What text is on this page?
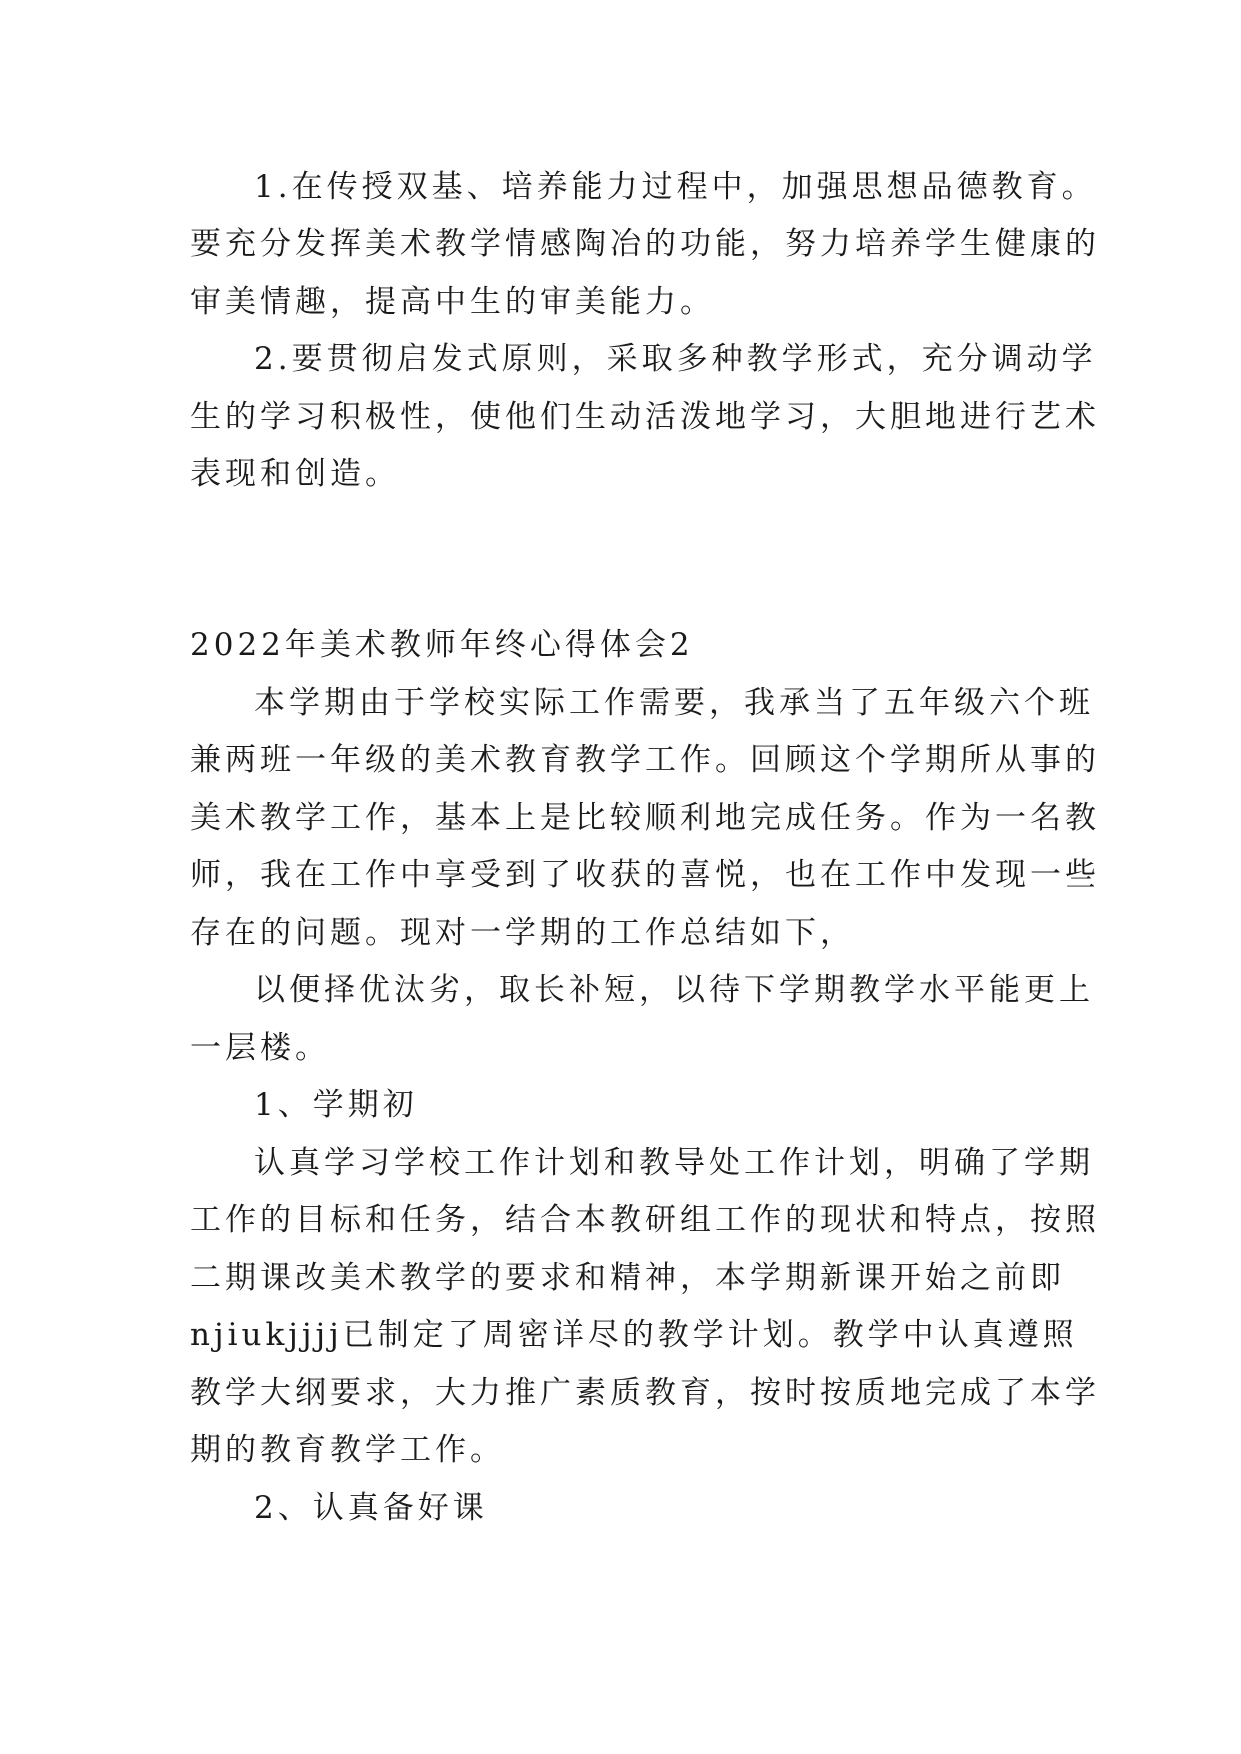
1.在传授双基、培养能力过程中，加强思想品德教育。
要充分发挥美术教学情感陶冶的功能，努力培养学生健康的
审美情趣，提高中生的审美能力。
2.要贯彻启发式原则，采取多种教学形式，充分调动学
生的学习积极性，使他们生动活泼地学习，大胆地进行艺术
表现和创造。
2022年美术教师年终心得体会2
本学期由于学校实际工作需要，我承当了五年级六个班
兼两班一年级的美术教育教学工作。回顾这个学期所从事的
美术教学工作，基本上是比较顺利地完成任务。作为一名教
师，我在工作中享受到了收获的喜悦，也在工作中发现一些
存在的问题。现对一学期的工作总结如下，
以便择优汰劣，取长补短，以待下学期教学水平能更上
一层楼。
1、学期初
认真学习学校工作计划和教导处工作计划，明确了学期
工作的目标和任务，结合本教研组工作的现状和特点，按照
二期课改美术教学的要求和精神，本学期新课开始之前即
njiukjjjj已制定了周密详尽的教学计划。教学中认真遵照
教学大纲要求，大力推广素质教育，按时按质地完成了本学
期的教育教学工作。
2、认真备好课
